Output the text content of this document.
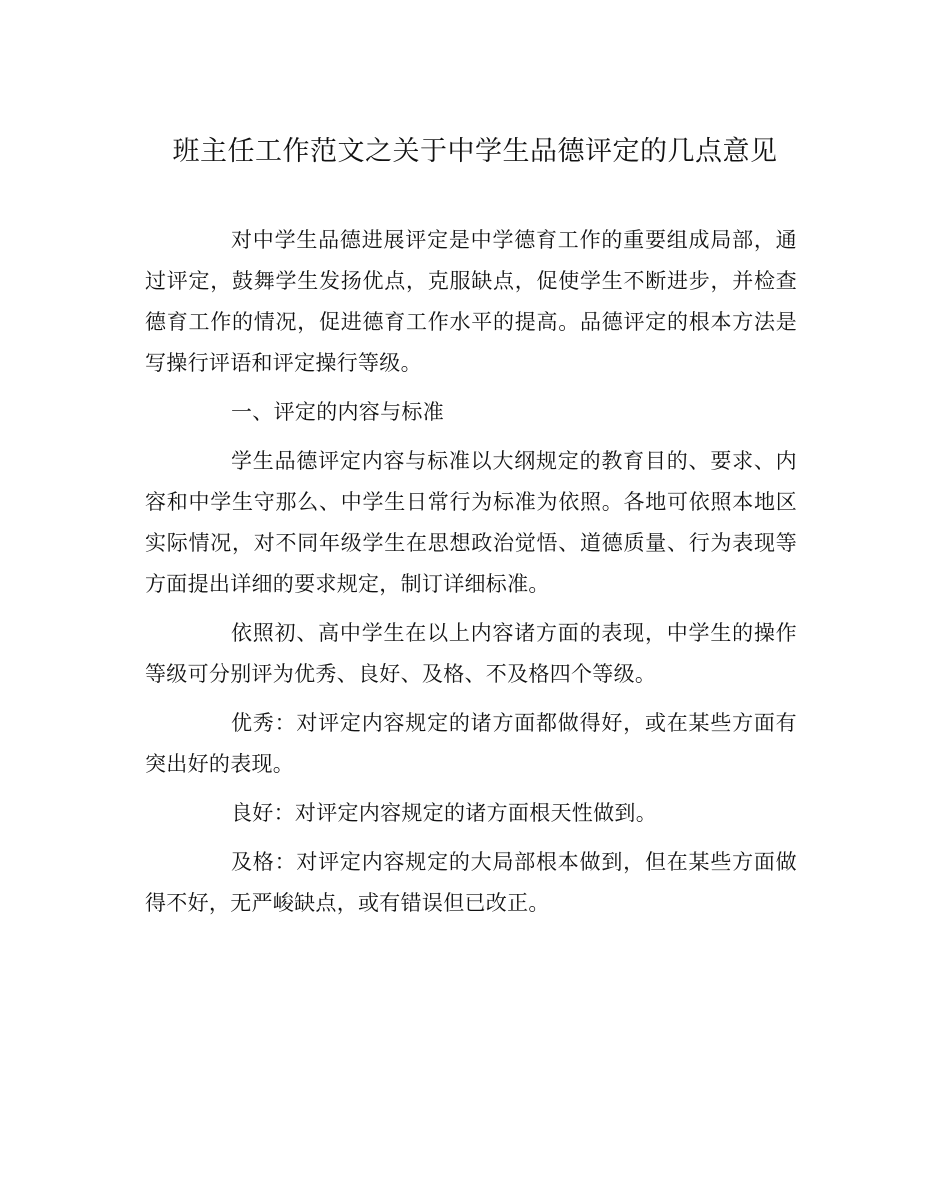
班主任工作范文之关于中学生品德评定的几点意见

对中学生品德进展评定是中学德育工作的重要组成局部，通过评定，鼓舞学生发扬优点，克服缺点，促使学生不断进步，并检查德育工作的情况，促进德育工作水平的提高。品德评定的根本方法是写操行评语和评定操行等级。

一、评定的内容与标准

学生品德评定内容与标准以大纲规定的教育目的、要求、内容和中学生守那么、中学生日常行为标准为依照。各地可依照本地区实际情况，对不同年级学生在思想政治觉悟、道德质量、行为表现等方面提出详细的要求规定，制订详细标准。

依照初、高中学生在以上内容诸方面的表现，中学生的操作等级可分别评为优秀、良好、及格、不及格四个等级。

优秀：对评定内容规定的诸方面都做得好，或在某些方面有突出好的表现。

良好：对评定内容规定的诸方面根天性做到。

及格：对评定内容规定的大局部根本做到，但在某些方面做得不好，无严峻缺点，或有错误但已改正。
